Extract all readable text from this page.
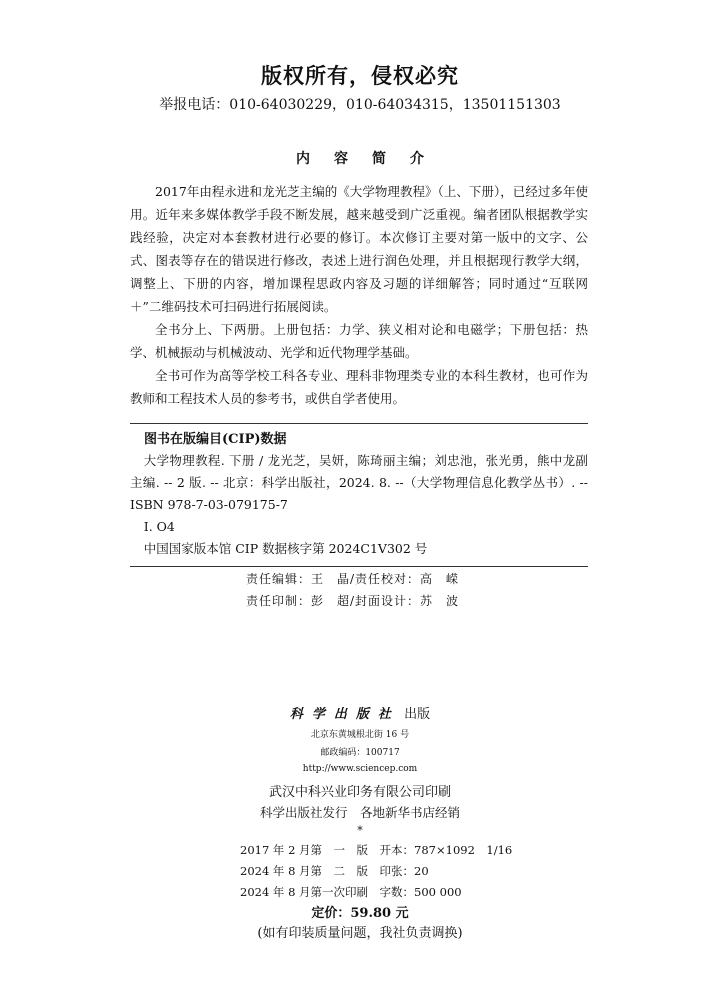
版权所有，侵权必究
举报电话：010-64030229，010-64034315，13501151303
内容简介

2017年由程永进和龙光芝主编的《大学物理教程》（上、下册），已经过多年使用。近年来多媒体教学手段不断发展，越来越受到广泛重视。编者团队根据教学实践经验，决定对本套教材进行必要的修订。本次修订主要对第一版中的文字、公式、图表等存在的错误进行修改，表述上进行润色处理，并且根据现行教学大纲，调整上、下册的内容，增加课程思政内容及习题的详细解答；同时通过“互联网＋”二维码技术可扫码进行拓展阅读。

全书分上、下两册。上册包括：力学、狭义相对论和电磁学；下册包括：热学、机械振动与机械波动、光学和近代物理学基础。

全书可作为高等学校工科各专业、理科非物理类专业的本科生教材，也可作为教师和工程技术人员的参考书，或供自学者使用。

图书在版编目(CIP)数据

大学物理教程. 下册 / 龙光芝，吴妍，陈琦丽主编；刘忠池，张光勇，熊中龙副主编. -- 2 版. -- 北京：科学出版社，2024. 8. --（大学物理信息化教学丛书）. -- ISBN 978-7-03-079175-7

Ⅰ. O4

中国国家版本馆 CIP 数据核字第 2024C1V302 号

责任编辑：王　晶/责任校对：高　嵘
责任印制：彭　超/封面设计：苏　波
科学出版社 出版
北京东黄城根北街 16 号
邮政编码：100717
http://www.sciencep.com
武汉中科兴业印务有限公司印刷
科学出版社发行　各地新华书店经销
*
2017 年 2 月第　一　版　开本：787×1092　1/16
2024 年 8 月第　二　版　印张：20
2024 年 8 月第一次印刷　字数：500 000
定价：59.80 元
(如有印装质量问题，我社负责调换)
